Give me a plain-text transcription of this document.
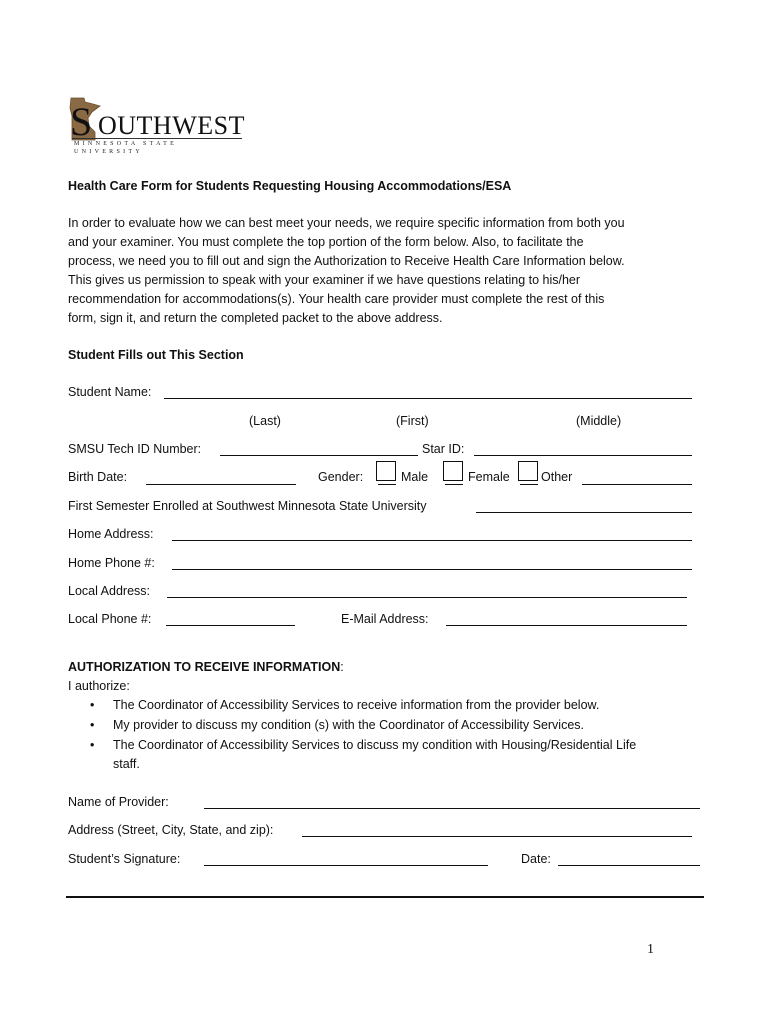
S OUTHWEST
MINNESOTA STATE UNIVERSITY
Health Care Form for Students Requesting Housing Accommodations/ESA
In order to evaluate how we can best meet your needs, we require specific information from both you
and your examiner. You must complete the top portion of the form below. Also, to facilitate the
process, we need you to fill out and sign the Authorization to Receive Health Care Information below.
This gives us permission to speak with your examiner if we have questions relating to his/her
recommendation for accommodations(s). Your health care provider must complete the rest of this
form, sign it, and return the completed packet to the above address.
Student Fills out This Section
Student Name:
(Last)	(First)	(Middle)
SMSU Tech ID Number:	Star ID:
Birth Date:	Gender:	Male	Female	Other
First Semester Enrolled at Southwest Minnesota State University
Home Address:
Home Phone #:
Local Address:
Local Phone #:	E-Mail Address:
AUTHORIZATION TO RECEIVE INFORMATION:
I authorize:
• The Coordinator of Accessibility Services to receive information from the provider below.
• My provider to discuss my condition (s) with the Coordinator of Accessibility Services.
• The Coordinator of Accessibility Services to discuss my condition with Housing/Residential Life
staff.
Name of Provider:
Address (Street, City, State, and zip):
Student’s Signature:	Date:
1
